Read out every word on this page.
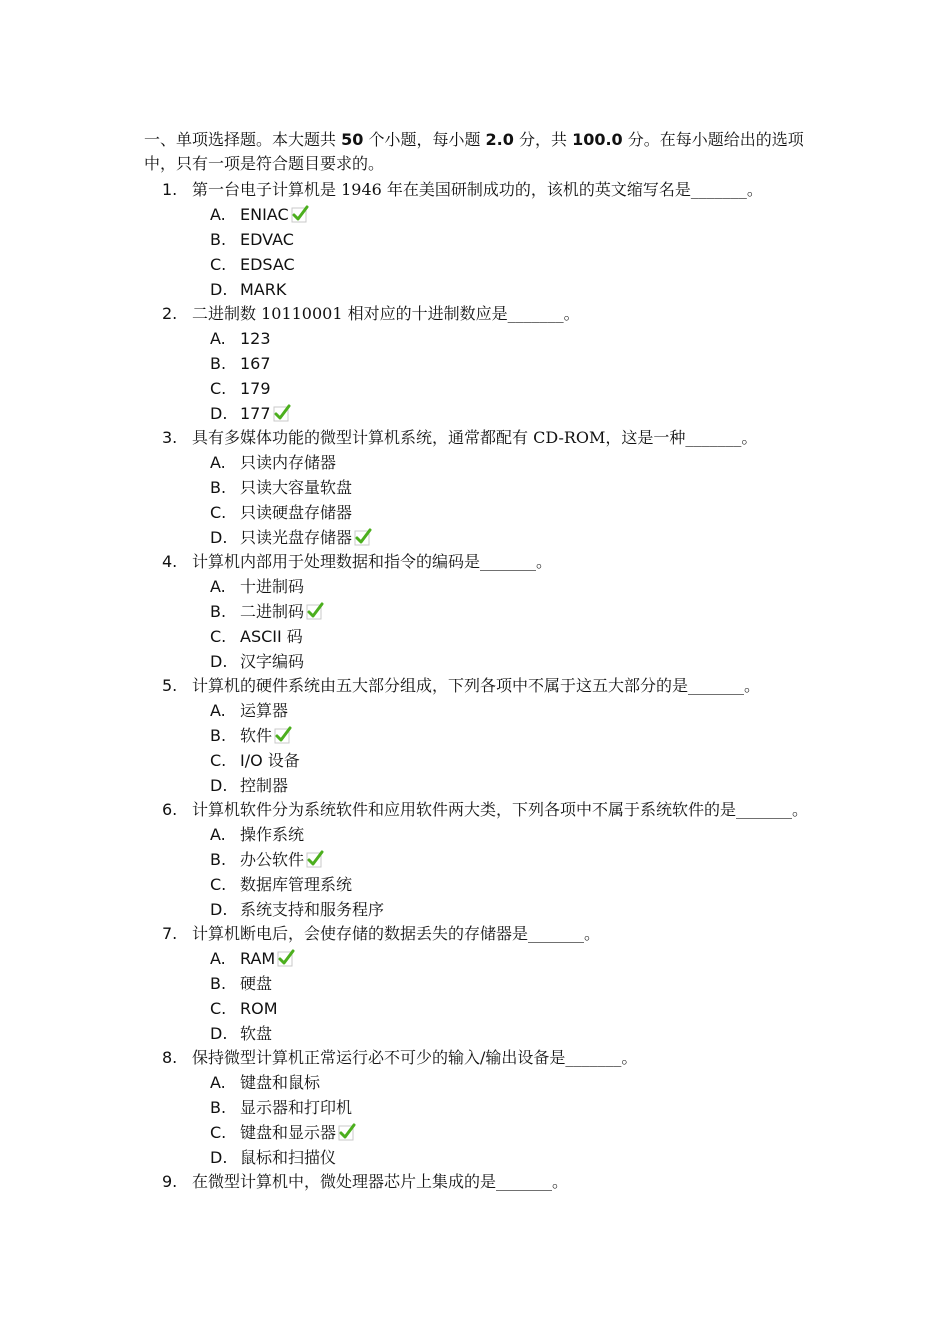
一、单项选择题。本大题共 50 个小题，每小题 2.0 分，共 100.0 分。在每小题给出的选项中，只有一项是符合题目要求的。

1. 第一台电子计算机是 1946 年在美国研制成功的，该机的英文缩写名是_______。
A. ENIAC
B. EDVAC
C. EDSAC
D. MARK
2. 二进制数 10110001 相对应的十进制数应是_______。
A. 123
B. 167
C. 179
D. 177
3. 具有多媒体功能的微型计算机系统，通常都配有 CD-ROM，这是一种_______。
A. 只读内存储器
B. 只读大容量软盘
C. 只读硬盘存储器
D. 只读光盘存储器
4. 计算机内部用于处理数据和指令的编码是_______。
A. 十进制码
B. 二进制码
C. ASCII 码
D. 汉字编码
5. 计算机的硬件系统由五大部分组成，下列各项中不属于这五大部分的是_______。
A. 运算器
B. 软件
C. I/O 设备
D. 控制器
6. 计算机软件分为系统软件和应用软件两大类，下列各项中不属于系统软件的是_______。
A. 操作系统
B. 办公软件
C. 数据库管理系统
D. 系统支持和服务程序
7. 计算机断电后，会使存储的数据丢失的存储器是_______。
A. RAM
B. 硬盘
C. ROM
D. 软盘
8. 保持微型计算机正常运行必不可少的输入/输出设备是_______。
A. 键盘和鼠标
B. 显示器和打印机
C. 键盘和显示器
D. 鼠标和扫描仪
9. 在微型计算机中，微处理器芯片上集成的是_______。
